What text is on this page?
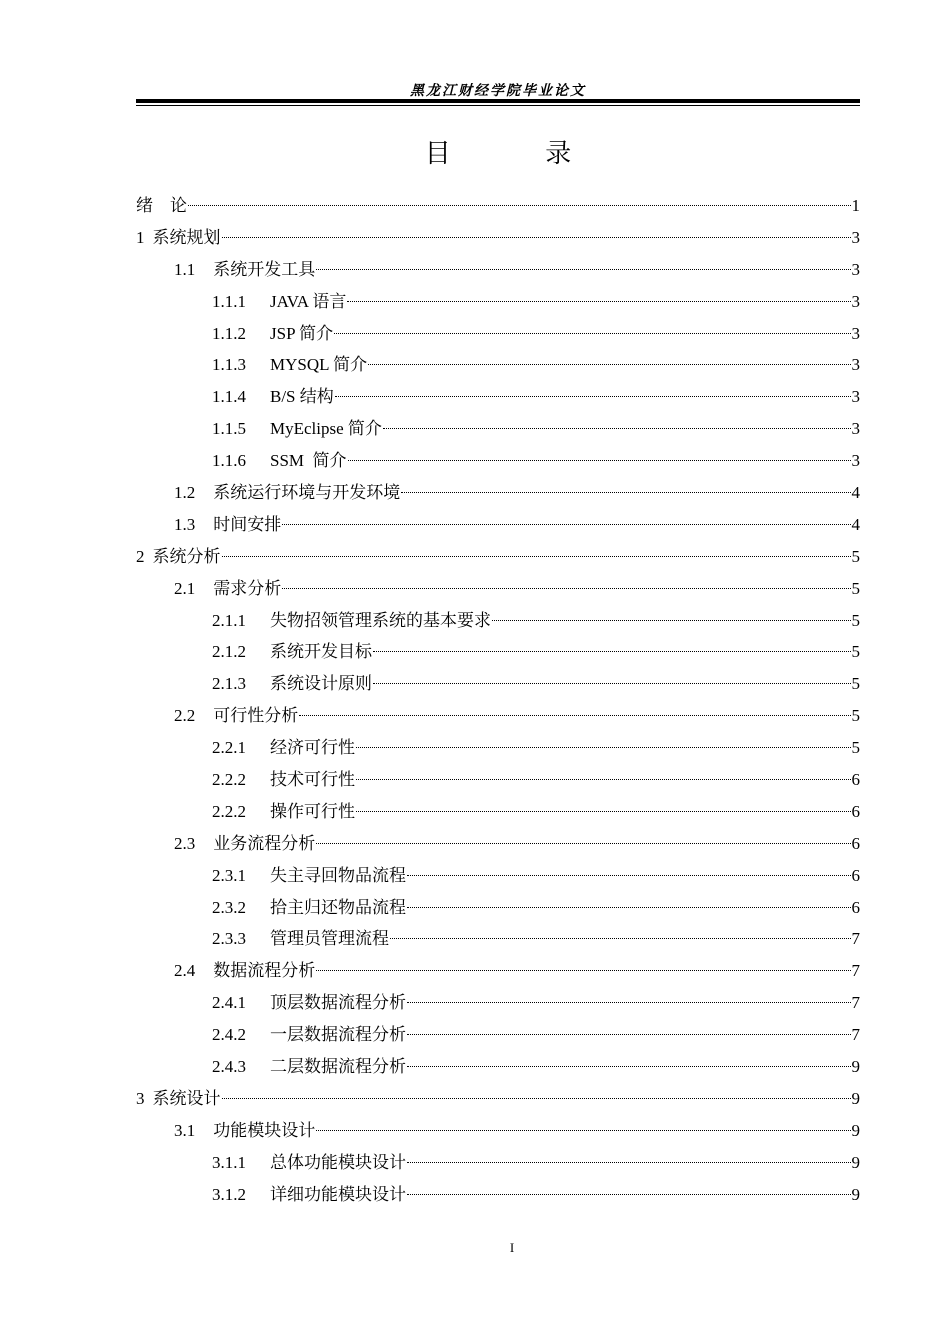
黑龙江财经学院毕业论文
目 录
绪    论	1
1 系统规划	3
1.1 系统开发工具	3
1.1.1	JAVA 语言	3
1.1.2	JSP 简介	3
1.1.3	MYSQL 简介	3
1.1.4	B/S 结构	3
1.1.5	MyEclipse 简介	3
1.1.6	SSM  简介	3
1.2 系统运行环境与开发环境	4
1.3 时间安排	4
2 系统分析	5
2.1 需求分析	5
2.1.1	失物招领管理系统的基本要求	5
2.1.2	系统开发目标	5
2.1.3	系统设计原则	5
2.2 可行性分析	5
2.2.1	经济可行性	5
2.2.2	技术可行性	6
2.2.2	操作可行性	6
2.3 业务流程分析	6
2.3.1	失主寻回物品流程	6
2.3.2	拾主归还物品流程	6
2.3.3	管理员管理流程	7
2.4 数据流程分析	7
2.4.1	顶层数据流程分析	7
2.4.2	一层数据流程分析	7
2.4.3	二层数据流程分析	9
3 系统设计	9
3.1 功能模块设计	9
3.1.1	总体功能模块设计	9
3.1.2	详细功能模块设计	9
I
